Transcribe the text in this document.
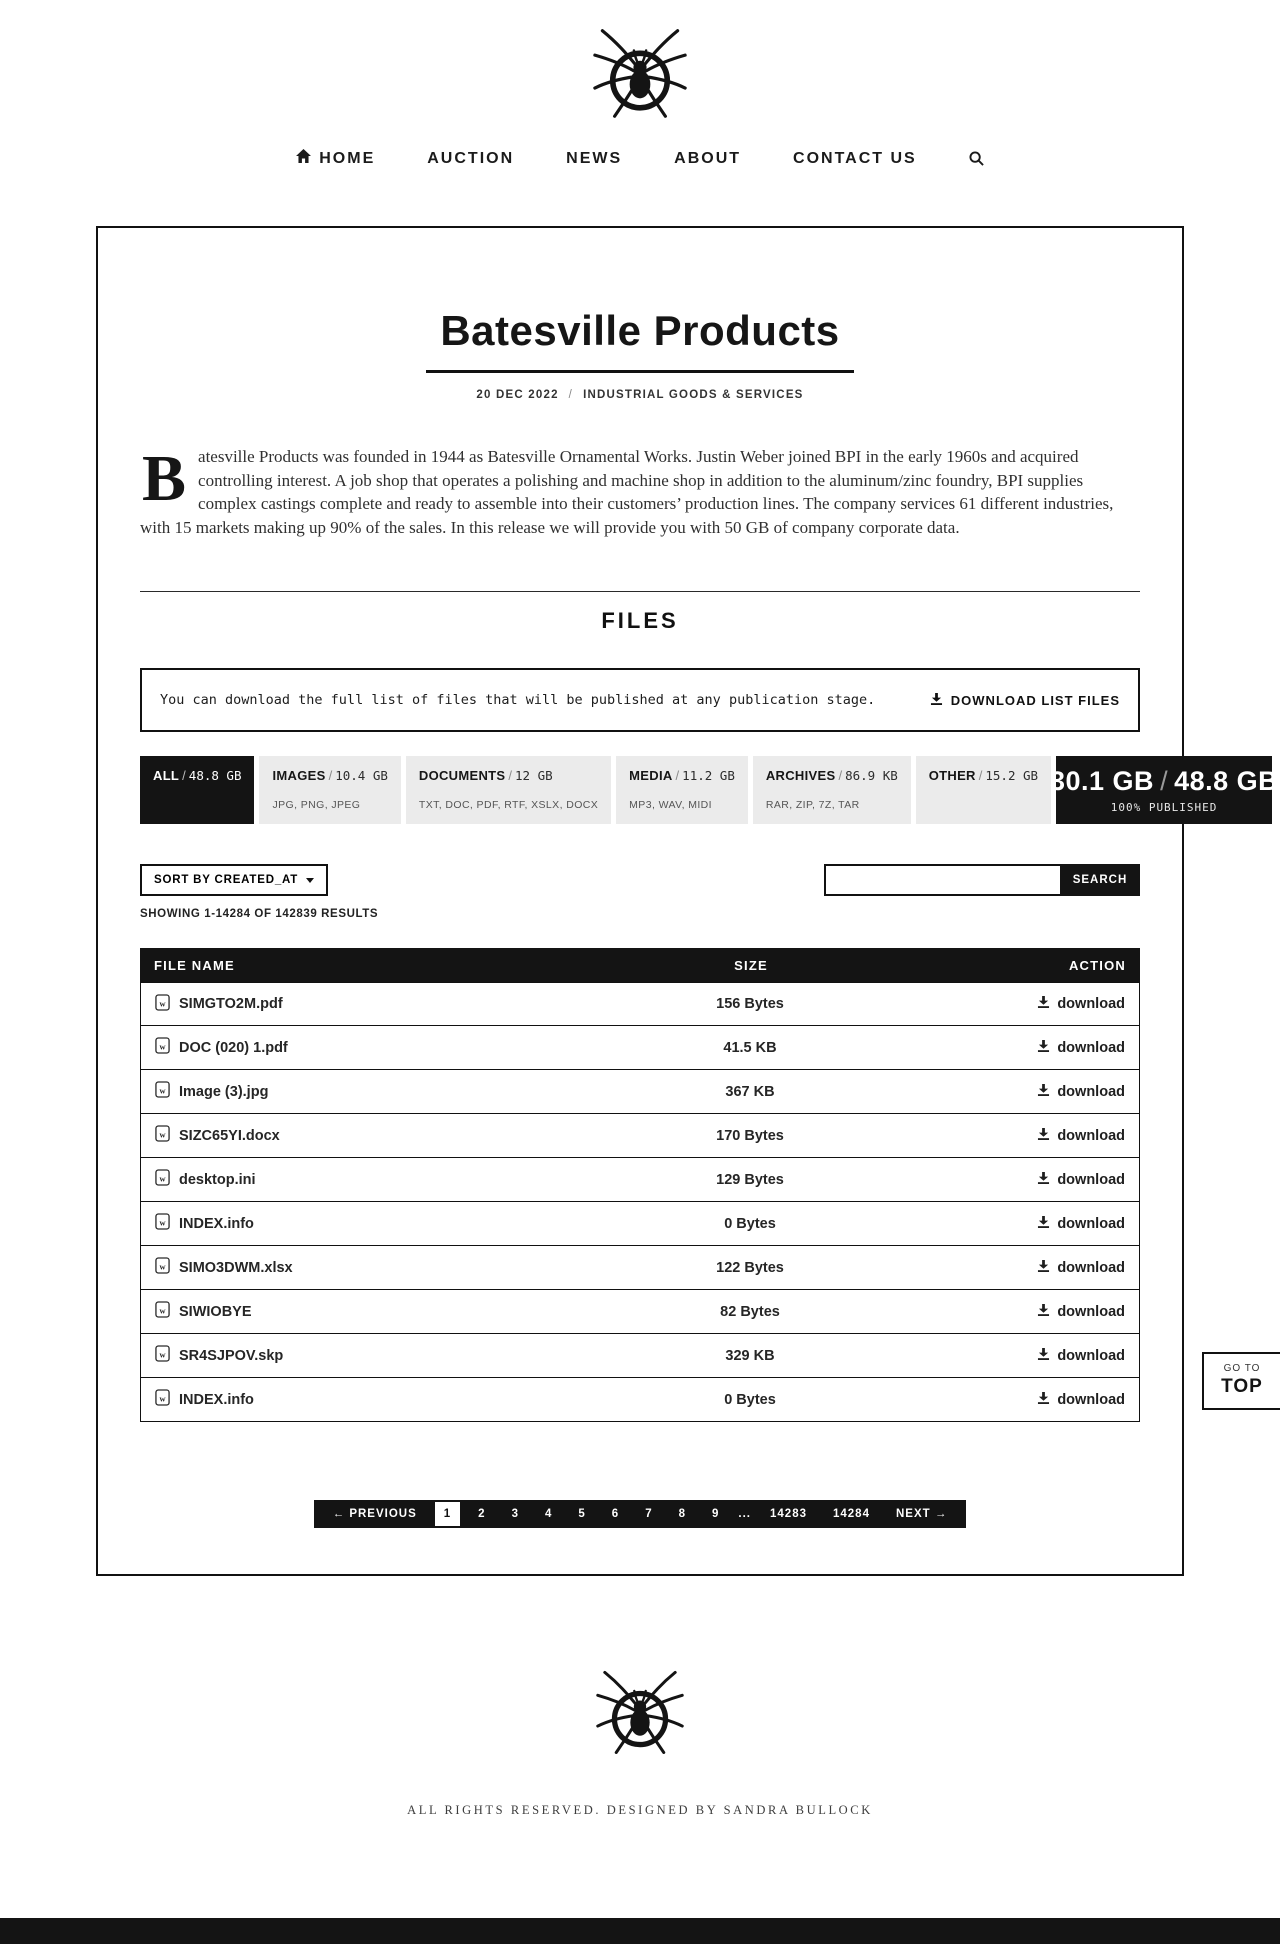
HOME	AUCTION	NEWS	ABOUT	CONTACT US
Batesville Products
20 DEC 2022 / INDUSTRIAL GOODS & SERVICES

Batesville Products was founded in 1944 as Batesville Ornamental Works. Justin Weber joined BPI in the early 1960s and acquired controlling interest. A job shop that operates a polishing and machine shop in addition to the aluminum/zinc foundry, BPI supplies complex castings complete and ready to assemble into their customers’ production lines. The company services 61 different industries, with 15 markets making up 90% of the sales. In this release we will provide you with 50 GB of company corporate data.

FILES
You can download the full list of files that will be published at any publication stage.	DOWNLOAD LIST FILES
ALL / 48.8 GB IMAGES / 10.4 GB
JPG, PNG, JPEG
DOCUMENTS / 12 GB
TXT, DOC, PDF, RTF, XSLX, DOCX
MEDIA / 11.2 GB
MP3, WAV, MIDI
ARCHIVES / 86.9 KB
RAR, ZIP, 7Z, TAR
OTHER / 15.2 GB 30.1 GB / 48.8 GB
100% PUBLISHED
SORT BY CREATED_AT	SEARCH
SHOWING 1-14284 OF 142839 RESULTS
FILE NAME	SIZE	ACTION
w SIMGTO2M.pdf	156 Bytes	download
w DOC (020) 1.pdf	41.5 KB	download
w Image (3).jpg	367 KB	download
w SIZC65YI.docx	170 Bytes	download
w desktop.ini	129 Bytes	download
w INDEX.info	0 Bytes	download
w SIMO3DWM.xlsx	122 Bytes	download
w SIWIOBYE	82 Bytes	download
w SR4SJPOV.skp	329 KB	download
w INDEX.info	0 Bytes	download
← PREVIOUS	1	2	3	4	5	6	7	8	9	...	14283	14284	NEXT →
GO TO
TOP
ALL RIGHTS RESERVED. DESIGNED BY SANDRA BULLOCK
